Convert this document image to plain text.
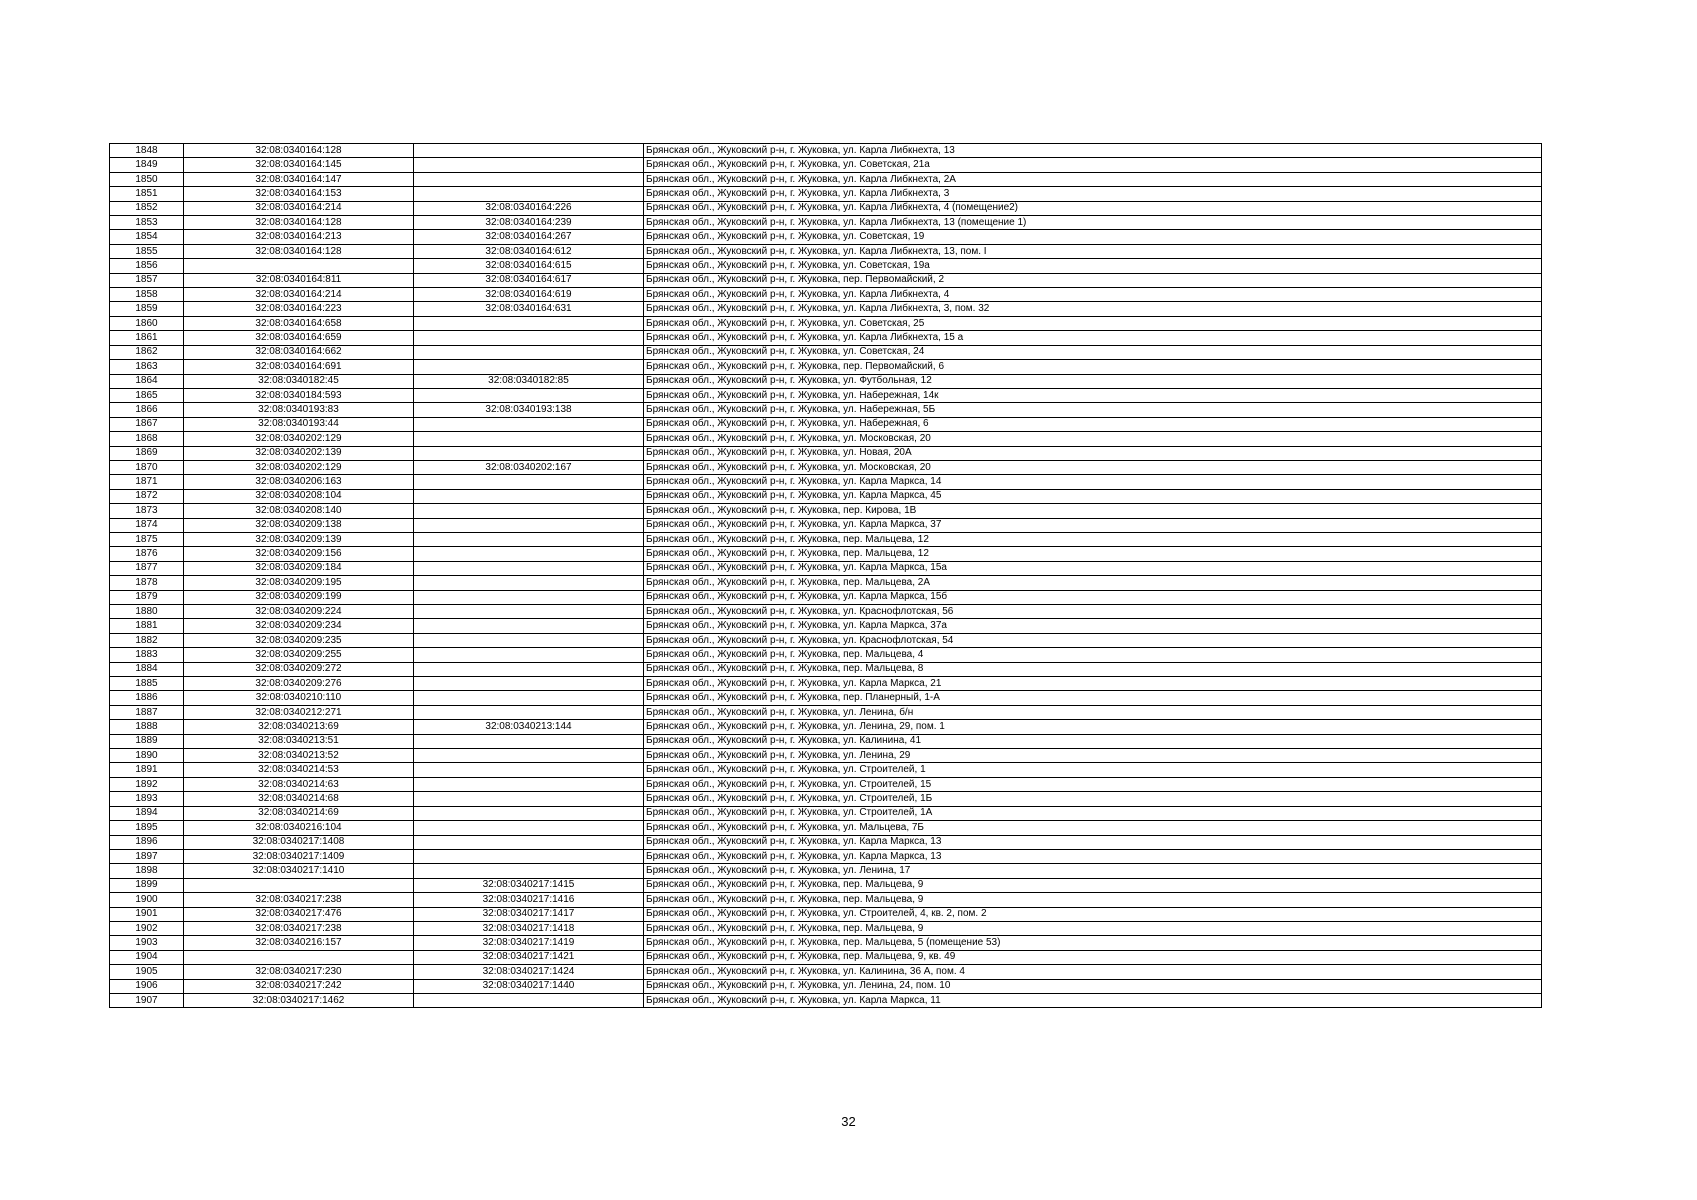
1848	32:08:0340164:128		Брянская обл., Жуковский р-н, г. Жуковка, ул. Карла Либкнехта, 13
1849	32:08:0340164:145		Брянская обл., Жуковский р-н, г. Жуковка, ул. Советская, 21а
1850	32:08:0340164:147		Брянская обл., Жуковский р-н, г. Жуковка, ул. Карла Либкнехта, 2А
1851	32:08:0340164:153		Брянская обл., Жуковский р-н, г. Жуковка, ул. Карла Либкнехта, 3
1852	32:08:0340164:214	32:08:0340164:226	Брянская обл., Жуковский р-н, г. Жуковка, ул. Карла Либкнехта, 4 (помещение2)
1853	32:08:0340164:128	32:08:0340164:239	Брянская обл., Жуковский р-н, г. Жуковка, ул. Карла Либкнехта, 13 (помещение 1)
1854	32:08:0340164:213	32:08:0340164:267	Брянская обл., Жуковский р-н, г. Жуковка, ул. Советская, 19
1855	32:08:0340164:128	32:08:0340164:612	Брянская обл., Жуковский р-н, г. Жуковка, ул. Карла Либкнехта, 13, пом. I
1856		32:08:0340164:615	Брянская обл., Жуковский р-н, г. Жуковка, ул. Советская, 19а
1857	32:08:0340164:811	32:08:0340164:617	Брянская обл., Жуковский р-н, г. Жуковка, пер. Первомайский, 2
1858	32:08:0340164:214	32:08:0340164:619	Брянская обл., Жуковский р-н, г. Жуковка, ул. Карла Либкнехта, 4
1859	32:08:0340164:223	32:08:0340164:631	Брянская обл., Жуковский р-н, г. Жуковка, ул. Карла Либкнехта, 3, пом. 32
1860	32:08:0340164:658		Брянская обл., Жуковский р-н, г. Жуковка, ул. Советская, 25
1861	32:08:0340164:659		Брянская обл., Жуковский р-н, г. Жуковка, ул. Карла Либкнехта, 15 а
1862	32:08:0340164:662		Брянская обл., Жуковский р-н, г. Жуковка, ул. Советская, 24
1863	32:08:0340164:691		Брянская обл., Жуковский р-н, г. Жуковка, пер. Первомайский, 6
1864	32:08:0340182:45	32:08:0340182:85	Брянская обл., Жуковский р-н, г. Жуковка, ул. Футбольная, 12
1865	32:08:0340184:593		Брянская обл., Жуковский р-н, г. Жуковка, ул. Набережная, 14к
1866	32:08:0340193:83	32:08:0340193:138	Брянская обл., Жуковский р-н, г. Жуковка, ул. Набережная, 5Б
1867	32:08:0340193:44		Брянская обл., Жуковский р-н, г. Жуковка, ул. Набережная, 6
1868	32:08:0340202:129		Брянская обл., Жуковский р-н, г. Жуковка, ул. Московская, 20
1869	32:08:0340202:139		Брянская обл., Жуковский р-н, г. Жуковка, ул. Новая, 20А
1870	32:08:0340202:129	32:08:0340202:167	Брянская обл., Жуковский р-н, г. Жуковка, ул. Московская, 20
1871	32:08:0340206:163		Брянская обл., Жуковский р-н, г. Жуковка, ул. Карла Маркса, 14
1872	32:08:0340208:104		Брянская обл., Жуковский р-н, г. Жуковка, ул. Карла Маркса, 45
1873	32:08:0340208:140		Брянская обл., Жуковский р-н, г. Жуковка, пер. Кирова, 1В
1874	32:08:0340209:138		Брянская обл., Жуковский р-н, г. Жуковка, ул. Карла Маркса, 37
1875	32:08:0340209:139		Брянская обл., Жуковский р-н, г. Жуковка, пер. Мальцева, 12
1876	32:08:0340209:156		Брянская обл., Жуковский р-н, г. Жуковка, пер. Мальцева, 12
1877	32:08:0340209:184		Брянская обл., Жуковский р-н, г. Жуковка, ул. Карла Маркса, 15а
1878	32:08:0340209:195		Брянская обл., Жуковский р-н, г. Жуковка, пер. Мальцева, 2А
1879	32:08:0340209:199		Брянская обл., Жуковский р-н, г. Жуковка, ул. Карла Маркса, 15б
1880	32:08:0340209:224		Брянская обл., Жуковский р-н, г. Жуковка, ул. Краснофлотская, 56
1881	32:08:0340209:234		Брянская обл., Жуковский р-н, г. Жуковка, ул. Карла Маркса, 37а
1882	32:08:0340209:235		Брянская обл., Жуковский р-н, г. Жуковка, ул. Краснофлотская, 54
1883	32:08:0340209:255		Брянская обл., Жуковский р-н, г. Жуковка, пер. Мальцева, 4
1884	32:08:0340209:272		Брянская обл., Жуковский р-н, г. Жуковка, пер. Мальцева, 8
1885	32:08:0340209:276		Брянская обл., Жуковский р-н, г. Жуковка, ул. Карла Маркса, 21
1886	32:08:0340210:110		Брянская обл., Жуковский р-н, г. Жуковка, пер. Планерный, 1-А
1887	32:08:0340212:271		Брянская обл., Жуковский р-н, г. Жуковка, ул. Ленина, б/н
1888	32:08:0340213:69	32:08:0340213:144	Брянская обл., Жуковский р-н, г. Жуковка, ул. Ленина, 29, пом. 1
1889	32:08:0340213:51		Брянская обл., Жуковский р-н, г. Жуковка, ул. Калинина, 41
1890	32:08:0340213:52		Брянская обл., Жуковский р-н, г. Жуковка, ул. Ленина, 29
1891	32:08:0340214:53		Брянская обл., Жуковский р-н, г. Жуковка, ул. Строителей, 1
1892	32:08:0340214:63		Брянская обл., Жуковский р-н, г. Жуковка, ул. Строителей, 15
1893	32:08:0340214:68		Брянская обл., Жуковский р-н, г. Жуковка, ул. Строителей, 1Б
1894	32:08:0340214:69		Брянская обл., Жуковский р-н, г. Жуковка, ул. Строителей, 1А
1895	32:08:0340216:104		Брянская обл., Жуковский р-н, г. Жуковка, ул. Мальцева, 7Б
1896	32:08:0340217:1408		Брянская обл., Жуковский р-н, г. Жуковка, ул. Карла Маркса, 13
1897	32:08:0340217:1409		Брянская обл., Жуковский р-н, г. Жуковка, ул. Карла Маркса, 13
1898	32:08:0340217:1410		Брянская обл., Жуковский р-н, г. Жуковка, ул. Ленина, 17
1899		32:08:0340217:1415	Брянская обл., Жуковский р-н, г. Жуковка, пер. Мальцева, 9
1900	32:08:0340217:238	32:08:0340217:1416	Брянская обл., Жуковский р-н, г. Жуковка, пер. Мальцева, 9
1901	32:08:0340217:476	32:08:0340217:1417	Брянская обл., Жуковский р-н, г. Жуковка, ул. Строителей, 4, кв. 2, пом. 2
1902	32:08:0340217:238	32:08:0340217:1418	Брянская обл., Жуковский р-н, г. Жуковка, пер. Мальцева, 9
1903	32:08:0340216:157	32:08:0340217:1419	Брянская обл., Жуковский р-н, г. Жуковка, пер. Мальцева, 5 (помещение 53)
1904		32:08:0340217:1421	Брянская обл., Жуковский р-н, г. Жуковка, пер. Мальцева, 9, кв. 49
1905	32:08:0340217:230	32:08:0340217:1424	Брянская обл., Жуковский р-н, г. Жуковка, ул. Калинина, 36 А, пом. 4
1906	32:08:0340217:242	32:08:0340217:1440	Брянская обл., Жуковский р-н, г. Жуковка, ул. Ленина, 24, пом. 10
1907	32:08:0340217:1462		Брянская обл., Жуковский р-н, г. Жуковка, ул. Карла Маркса, 11
32
